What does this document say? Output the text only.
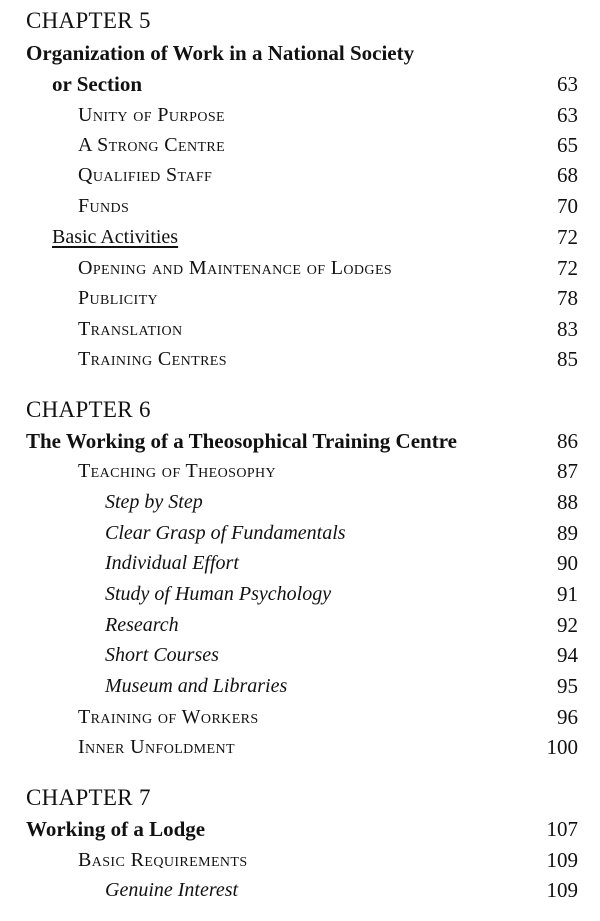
CHAPTER 5
Organization of Work in a National Society
or Section	63
Unity of Purpose	63
A Strong Centre	65
Qualified Staff	68
Funds	70
Basic Activities	72
Opening and Maintenance of Lodges	72
Publicity	78
Translation	83
Training Centres	85
CHAPTER 6
The Working of a Theosophical Training Centre	86
Teaching of Theosophy	87
Step by Step	88
Clear Grasp of Fundamentals	89
Individual Effort	90
Study of Human Psychology	91
Research	92
Short Courses	94
Museum and Libraries	95
Training of Workers	96
Inner Unfoldment	100
CHAPTER 7
Working of a Lodge	107
Basic Requirements	109
Genuine Interest	109
